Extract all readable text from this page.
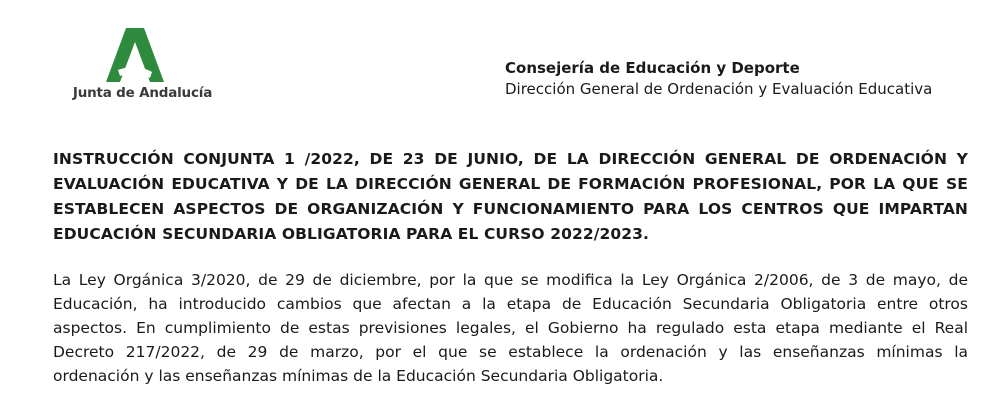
Junta de Andalucía
Consejería de Educación y Deporte
Dirección General de Ordenación y Evaluación Educativa
INSTRUCCIÓN CONJUNTA 1 /2022, DE 23 DE JUNIO, DE LA DIRECCIÓN GENERAL DE ORDENACIÓN Y
EVALUACIÓN EDUCATIVA Y DE LA DIRECCIÓN GENERAL DE FORMACIÓN PROFESIONAL, POR LA QUE SE
ESTABLECEN ASPECTOS DE ORGANIZACIÓN Y FUNCIONAMIENTO PARA LOS CENTROS QUE IMPARTAN
EDUCACIÓN SECUNDARIA OBLIGATORIA PARA EL CURSO 2022/2023.
La Ley Orgánica 3/2020, de 29 de diciembre, por la que se modifica la Ley Orgánica 2/2006, de 3 de mayo, de
Educación, ha introducido cambios que afectan a la etapa de Educación Secundaria Obligatoria entre otros
aspectos. En cumplimiento de estas previsiones legales, el Gobierno ha regulado esta etapa mediante el Real
Decreto 217/2022, de 29 de marzo, por el que se establece la ordenación y las enseñanzas mínimas la
ordenación y las enseñanzas mínimas de la Educación Secundaria Obligatoria.
